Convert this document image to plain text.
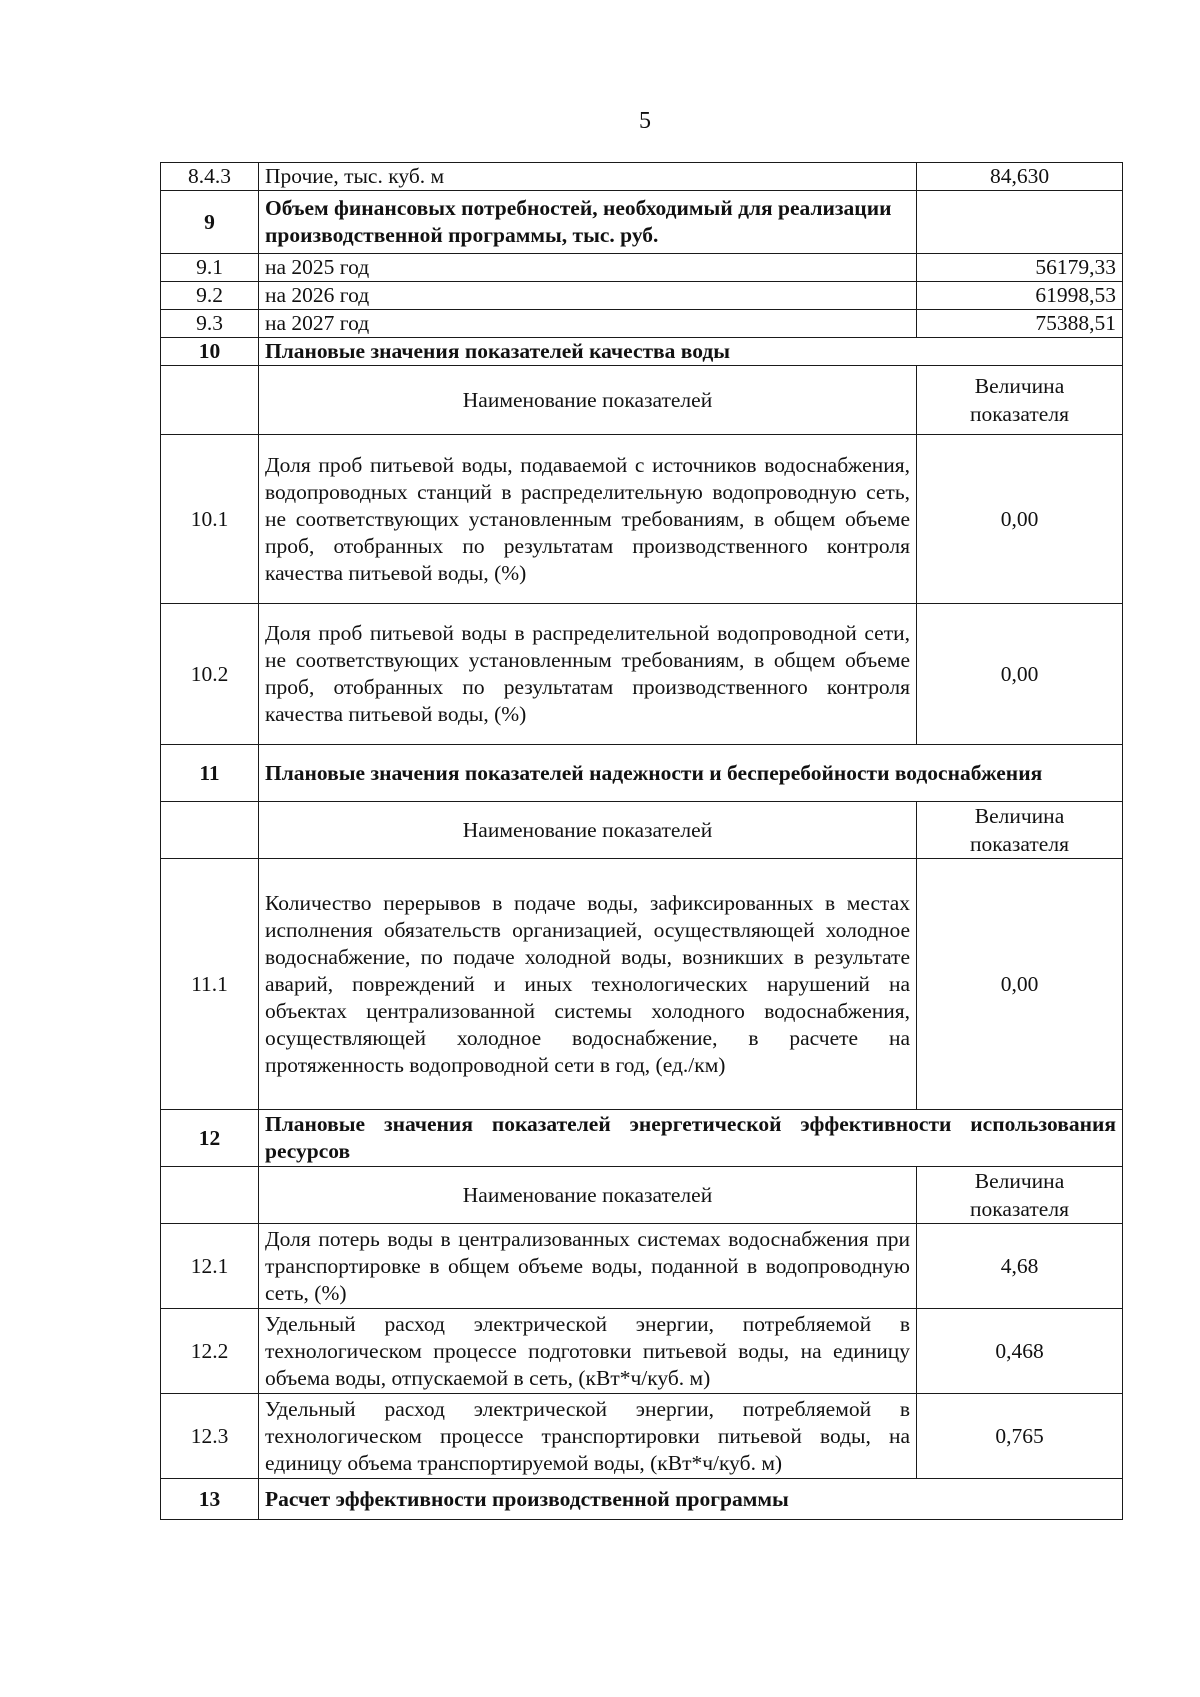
5
8.4.3	Прочие, тыс. куб. м	84,630
9	Объем финансовых потребностей, необходимый для реализации производственной программы, тыс. руб.	
9.1	на 2025 год	56179,33
9.2	на 2026 год	61998,53
9.3	на 2027 год	75388,51
10	Плановые значения показателей качества воды	
	Наименование показателей	Величина показателя
10.1	Доля проб питьевой воды, подаваемой с источников водоснабжения, водопроводных станций в распределительную водопроводную сеть, не соответствующих установленным требованиям, в общем объеме проб, отобранных по результатам производственного контроля качества питьевой воды, (%)	0,00
10.2	Доля проб питьевой воды в распределительной водопроводной сети, не соответствующих установленным требованиям, в общем объеме проб, отобранных по результатам производственного контроля качества питьевой воды, (%)	0,00
11	Плановые значения показателей надежности и бесперебойности водоснабжения	
	Наименование показателей	Величина показателя
11.1	Количество перерывов в подаче воды, зафиксированных в местах исполнения обязательств организацией, осуществляющей холодное водоснабжение, по подаче холодной воды, возникших в результате аварий, повреждений и иных технологических нарушений на объектах централизованной системы холодного водоснабжения, осуществляющей холодное водоснабжение, в расчете на протяженность водопроводной сети в год, (ед./км)	0,00
12	Плановые значения показателей энергетической эффективности использования ресурсов	
	Наименование показателей	Величина показателя
12.1	Доля потерь воды в централизованных системах водоснабжения при транспортировке в общем объеме воды, поданной в водопроводную сеть, (%)	4,68
12.2	Удельный расход электрической энергии, потребляемой в технологическом процессе подготовки питьевой воды, на единицу объема воды, отпускаемой в сеть, (кВт*ч/куб. м)	0,468
12.3	Удельный расход электрической энергии, потребляемой в технологическом процессе транспортировки питьевой воды, на единицу объема транспортируемой воды, (кВт*ч/куб. м)	0,765
13	Расчет эффективности производственной программы	
